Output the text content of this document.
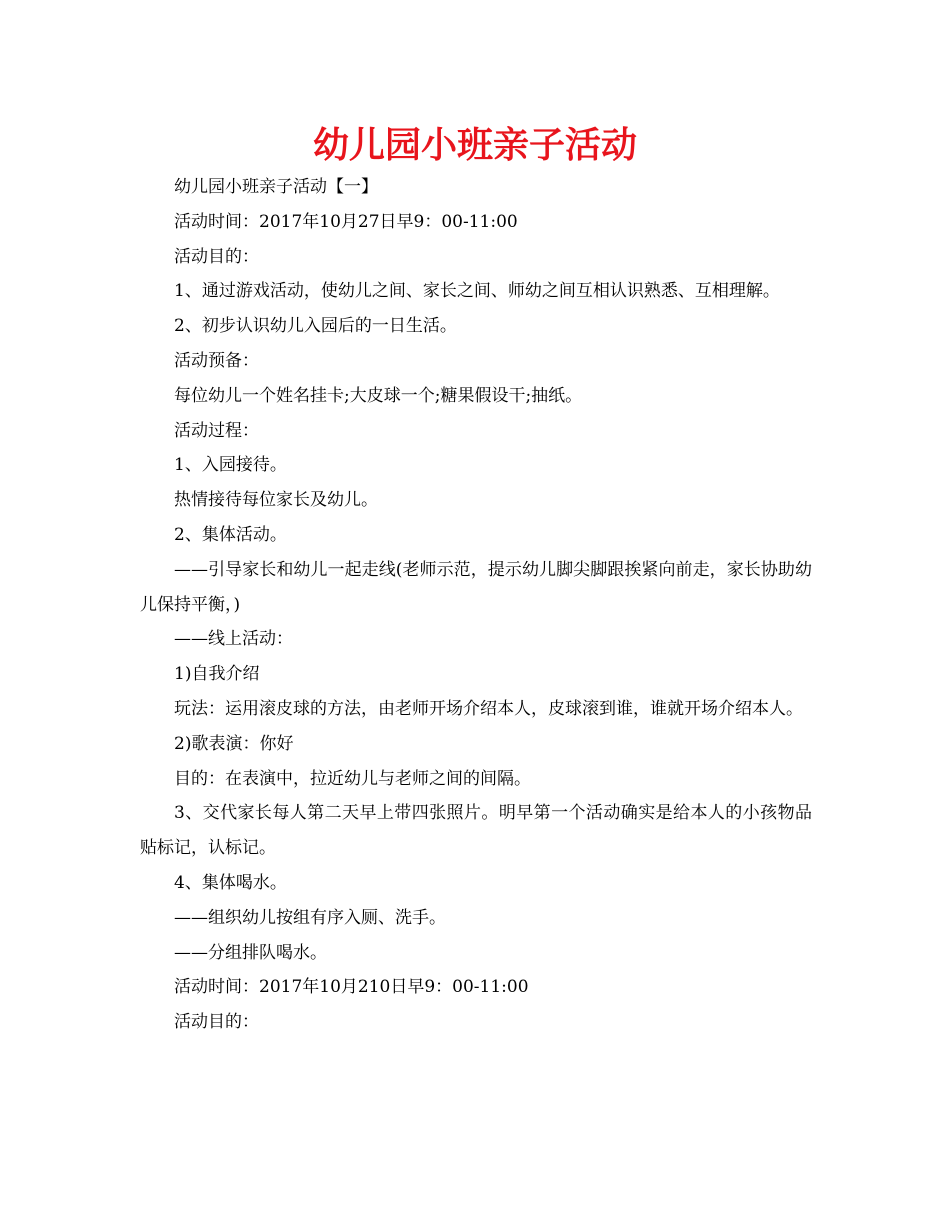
幼儿园小班亲子活动

幼儿园小班亲子活动【一】

活动时间：2017年10月27日早9：00-11:00

活动目的：

1、通过游戏活动，使幼儿之间、家长之间、师幼之间互相认识熟悉、互相理解。

2、初步认识幼儿入园后的一日生活。

活动预备：

每位幼儿一个姓名挂卡;大皮球一个;糖果假设干;抽纸。

活动过程：

1、入园接待。

热情接待每位家长及幼儿。

2、集体活动。

——引导家长和幼儿一起走线(老师示范，提示幼儿脚尖脚跟挨紧向前走，家长协助幼儿保持平衡，)

——线上活动：

1)自我介绍

玩法：运用滚皮球的方法，由老师开场介绍本人，皮球滚到谁，谁就开场介绍本人。

2)歌表演：你好

目的：在表演中，拉近幼儿与老师之间的间隔。

3、交代家长每人第二天早上带四张照片。明早第一个活动确实是给本人的小孩物品贴标记，认标记。

4、集体喝水。

——组织幼儿按组有序入厕、洗手。

——分组排队喝水。

活动时间：2017年10月210日早9：00-11:00

活动目的：
